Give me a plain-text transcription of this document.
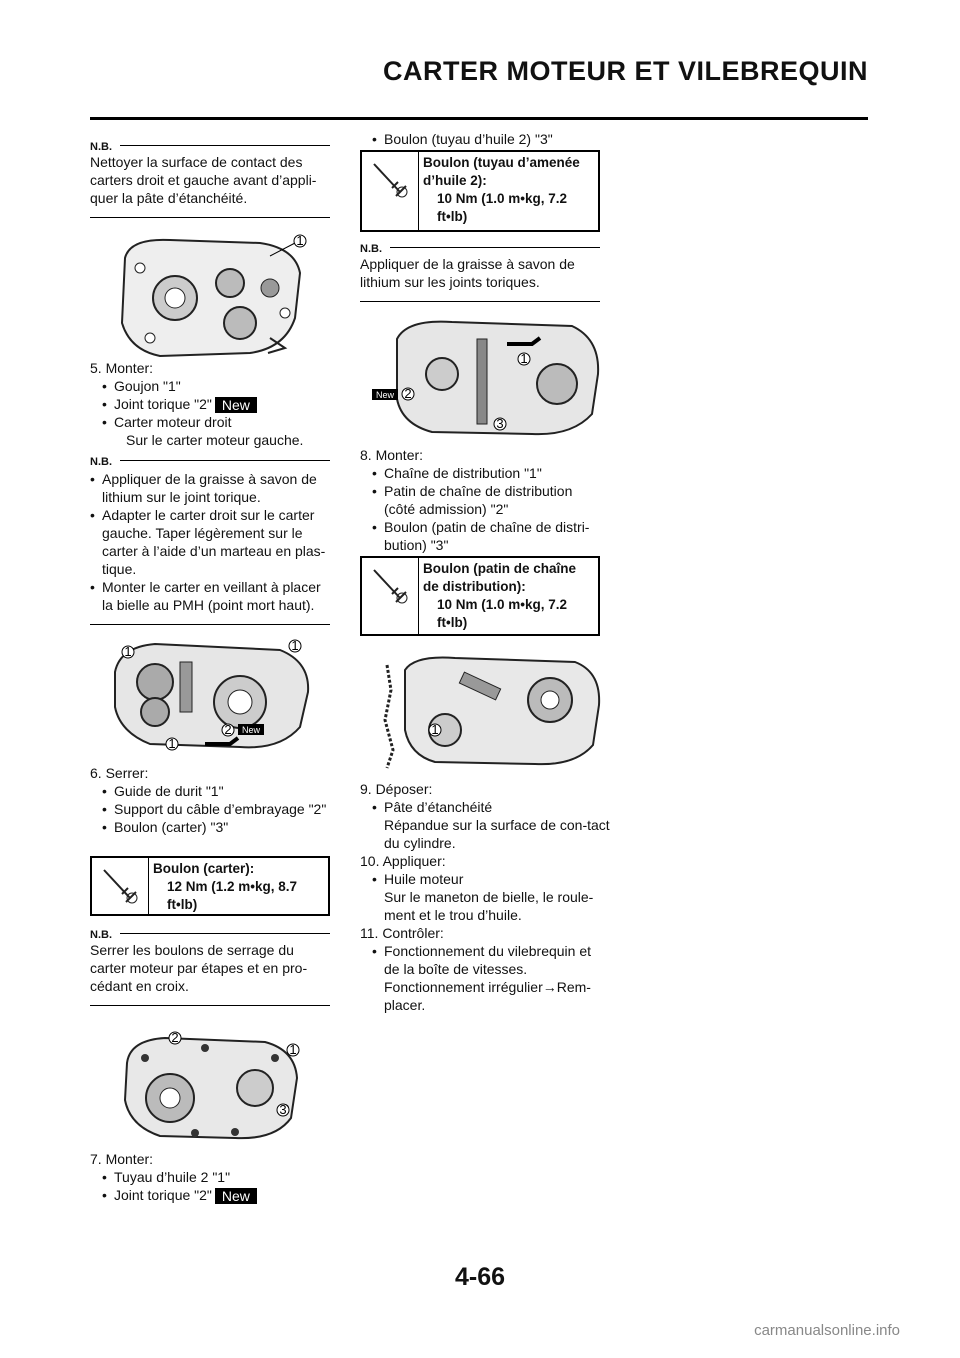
CARTER MOTEUR ET VILEBREQUIN
N.B.
Nettoyer la surface de contact des carters droit et gauche avant d’appli-quer la pâte d’étanchéité.
1
5. Monter:
• Goujon "1"
• Joint torique "2" New
• Carter moteur droit
Sur le carter moteur gauche.
N.B.
• Appliquer de la graisse à savon de lithium sur le joint torique.
• Adapter le carter droit sur le carter gauche. Taper légèrement sur le carter à l’aide d’un marteau en plas-tique.
• Monter le carter en veillant à placer la bielle au PMH (point mort haut).
1	1
2 New
1
6. Serrer:
• Guide de durit "1"
• Support du câble d’embrayage "2"
• Boulon (carter) "3"
Boulon (carter):
12 Nm (1.2 m•kg, 8.7 ft•lb)
N.B.
Serrer les boulons de serrage du carter moteur par étapes et en pro-cédant en croix.
2
1
3
7. Monter:
• Tuyau d’huile 2 "1"
• Joint torique "2" New
• Boulon (tuyau d’huile 2) "3"
Boulon (tuyau d’amenée d’huile 2):
10 Nm (1.0 m•kg, 7.2 ft•lb)
N.B.
Appliquer de la graisse à savon de lithium sur les joints toriques.
1
New 2
3
8. Monter:
• Chaîne de distribution "1"
• Patin de chaîne de distribution (côté admission) "2"
• Boulon (patin de chaîne de distri-bution) "3"
Boulon (patin de chaîne de distribution):
10 Nm (1.0 m•kg, 7.2 ft•lb)
1
9. Déposer:
• Pâte d’étanchéité
Répandue sur la surface de con-tact du cylindre.
10. Appliquer:
• Huile moteur
Sur le maneton de bielle, le roule-ment et le trou d’huile.
11. Contrôler:
• Fonctionnement du vilebrequin et de la boîte de vitesses.
Fonctionnement irrégulier→Rem-placer.
4-66
carmanualsonline.info
